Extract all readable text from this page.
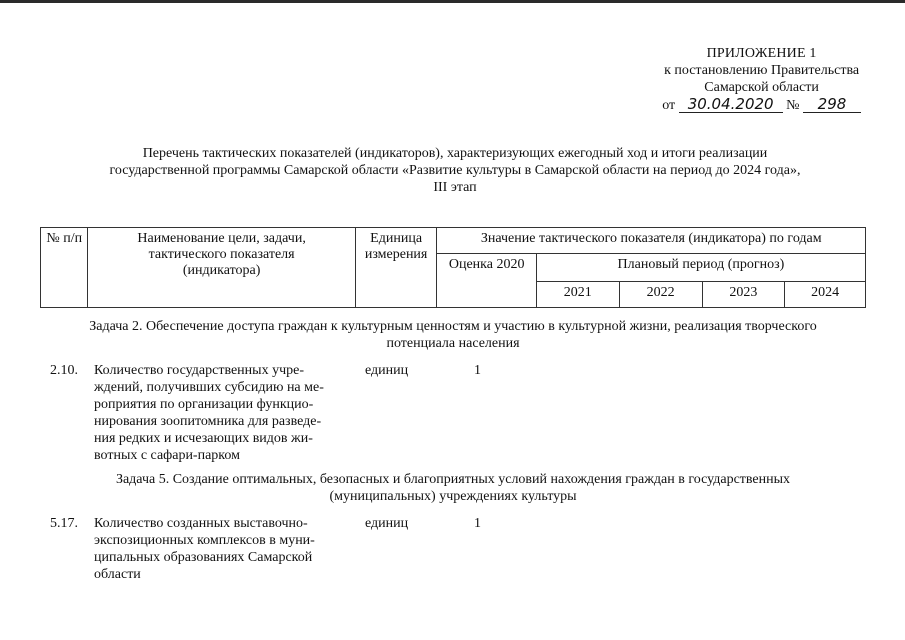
ПРИЛОЖЕНИЕ 1
к постановлению Правительства
Самарской области
от 30.04.2020 № 298
Перечень тактических показателей (индикаторов), характеризующих ежегодный ход и итоги реализации
государственной программы Самарской области «Развитие культуры в Самарской области на период до 2024 года»,
III этап
№ п/п	Наименование цели, задачи, тактического показателя (индикатора)	Единица измерения	Значение тактического показателя (индикатора) по годам				
			Оценка 2020	Плановый период (прогноз)			
				2021	2022	2023	2024
Задача 2. Обеспечение доступа граждан к культурным ценностям и участию в культурной жизни, реализация творческого
потенциала населения
2.10. Количество государственных учре-
ждений, получивших субсидию на ме-
роприятия по организации функцио-
нирования зоопитомника для разведе-
ния редких и исчезающих видов жи-
вотных с сафари-парком
единиц	1
Задача 5. Создание оптимальных, безопасных и благоприятных условий нахождения граждан в государственных
(муниципальных) учреждениях культуры
5.17. Количество созданных выставочно-
экспозиционных комплексов в муни-
ципальных образованиях Самарской
области
единиц	1
